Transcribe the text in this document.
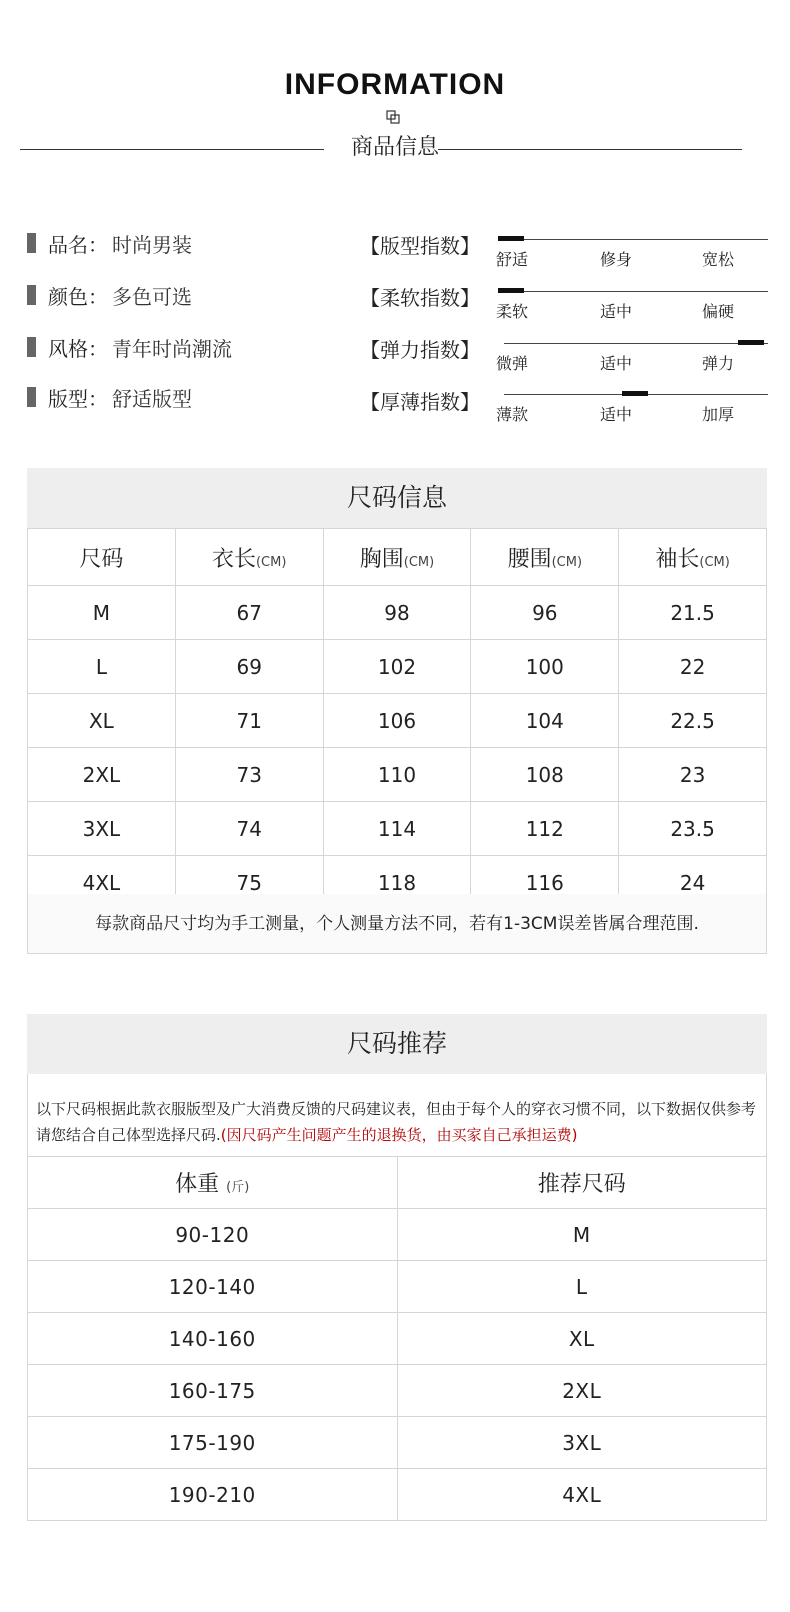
INFORMATION
商品信息
品名： 时尚男装
颜色： 多色可选
风格： 青年时尚潮流
版型： 舒适版型
【版型指数】
舒适	修身	宽松
【柔软指数】
柔软	适中	偏硬
【弹力指数】
微弹	适中	弹力
【厚薄指数】
薄款	适中	加厚
尺码信息
尺码	衣长(CM)	胸围(CM)	腰围(CM)	袖长(CM)
M	67	98	96	21.5
L	69	102	100	22
XL	71	106	104	22.5
2XL	73	110	108	23
3XL	74	114	112	23.5
4XL	75	118	116	24
每款商品尺寸均为手工测量，个人测量方法不同，若有1-3CM误差皆属合理范围.
尺码推荐
以下尺码根据此款衣服版型及广大消费反馈的尺码建议表，但由于每个人的穿衣习惯不同，以下数据仅供参考请您结合自己体型选择尺码.(因尺码产生问题产生的退换货，由买家自己承担运费)
体重 (斤)	推荐尺码
90-120	M
120-140	L
140-160	XL
160-175	2XL
175-190	3XL
190-210	4XL
